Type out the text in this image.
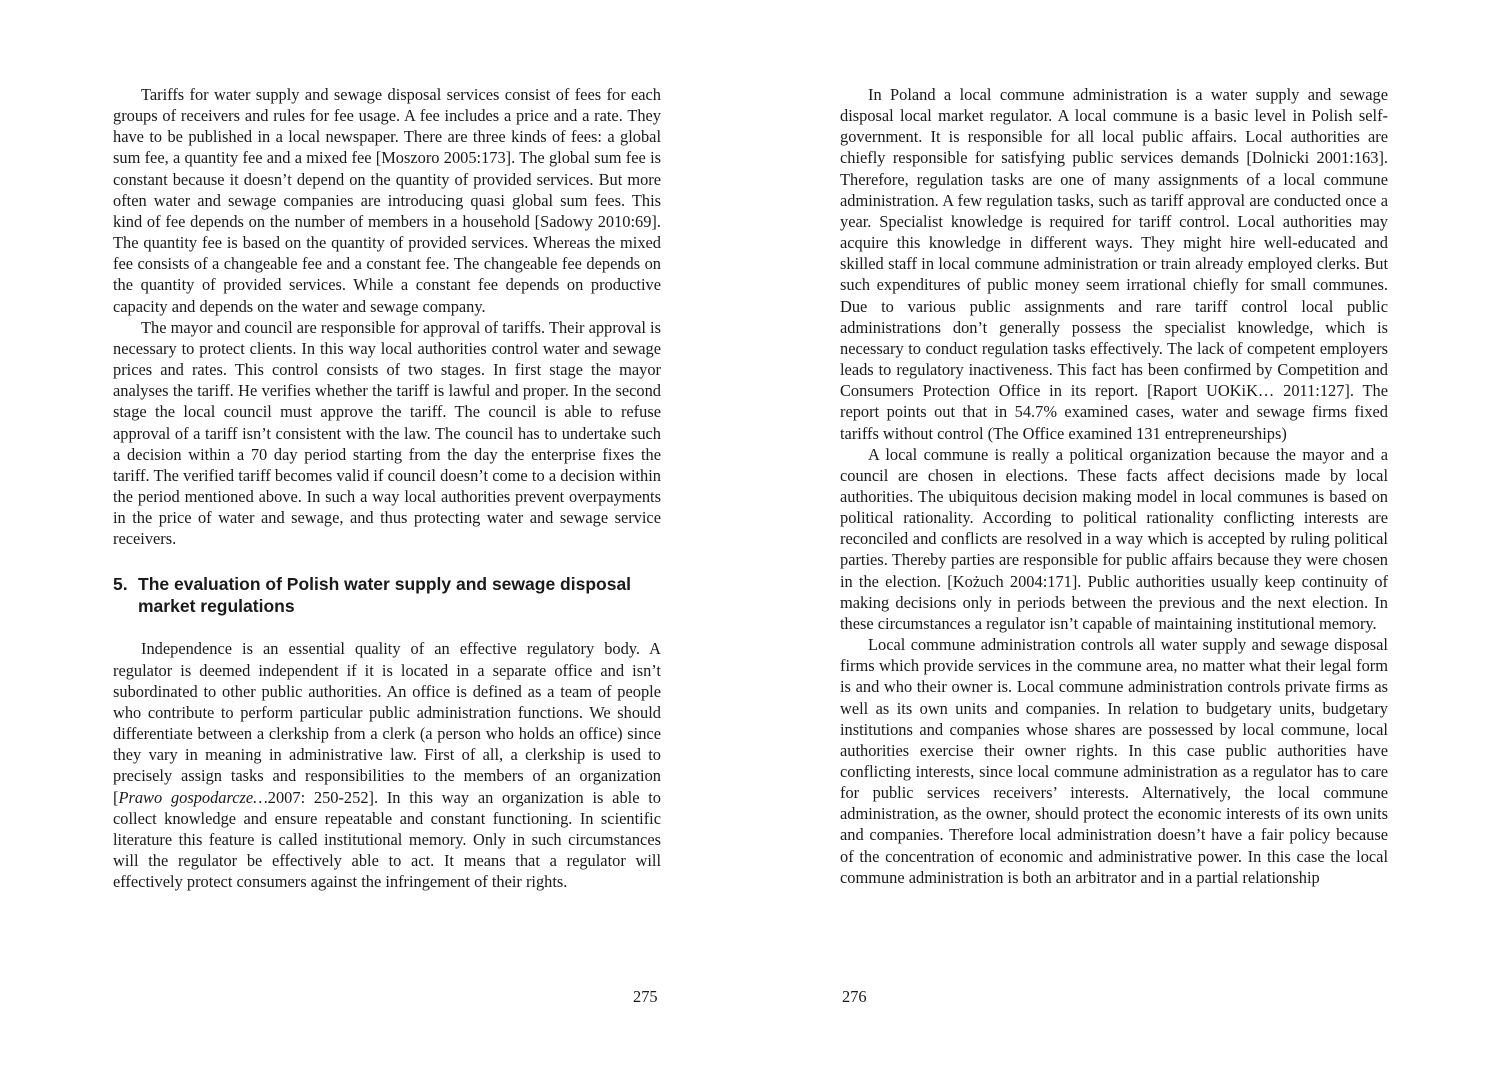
Tariffs for water supply and sewage disposal services consist of fees for each groups of receivers and rules for fee usage. A fee includes a price and a rate. They have to be published in a local newspaper. There are three kinds of fees: a global sum fee, a quantity fee and a mixed fee [Moszoro 2005:173]. The global sum fee is constant because it doesn’t depend on the quantity of provided services. But more often water and sewage companies are introducing quasi global sum fees. This kind of fee depends on the number of members in a household [Sadowy 2010:69]. The quantity fee is based on the quantity of provided services. Whereas the mixed fee consists of a changeable fee and a constant fee. The changeable fee depends on the quantity of provided services. While a constant fee depends on productive capacity and depends on the water and sewage company.

The mayor and council are responsible for approval of tariffs. Their approval is necessary to protect clients. In this way local authorities control water and sewage prices and rates. This control consists of two stages. In first stage the mayor analyses the tariff. He verifies whether the tariff is lawful and proper. In the second stage the local council must approve the tariff. The council is able to refuse approval of a tariff isn’t consistent with the law. The council has to undertake such a decision within a 70 day period starting from the day the enterprise fixes the tariff. The verified tariff becomes valid if council doesn’t come to a decision within the period mentioned above. In such a way local authorities prevent overpayments in the price of water and sewage, and thus protecting water and sewage service receivers.

5. The evaluation of Polish water supply and sewage disposal market regulations

Independence is an essential quality of an effective regulatory body. A regulator is deemed independent if it is located in a separate office and isn’t subordinated to other public authorities. An office is defined as a team of people who contribute to perform particular public administration functions. We should differentiate between a clerkship from a clerk (a person who holds an office) since they vary in meaning in administrative law. First of all, a clerkship is used to precisely assign tasks and responsibilities to the members of an organization [Prawo gospodarcze…2007: 250-252]. In this way an organization is able to collect knowledge and ensure repeatable and constant functioning. In scientific literature this feature is called institutional memory. Only in such circumstances will the regulator be effectively able to act. It means that a regulator will effectively protect consumers against the infringement of their rights.

In Poland a local commune administration is a water supply and sewage disposal local market regulator. A local commune is a basic level in Polish self-government. It is responsible for all local public affairs. Local authorities are chiefly responsible for satisfying public services demands [Dolnicki 2001:163]. Therefore, regulation tasks are one of many assignments of a local commune administration. A few regulation tasks, such as tariff approval are conducted once a year. Specialist knowledge is required for tariff control. Local authorities may acquire this knowledge in different ways. They might hire well-educated and skilled staff in local commune administration or train already employed clerks. But such expenditures of public money seem irrational chiefly for small communes. Due to various public assignments and rare tariff control local public administrations don’t generally possess the specialist knowledge, which is necessary to conduct regulation tasks effectively. The lack of competent employers leads to regulatory inactiveness. This fact has been confirmed by Competition and Consumers Protection Office in its report. [Raport UOKiK… 2011:127]. The report points out that in 54.7% examined cases, water and sewage firms fixed tariffs without control (The Office examined 131 entrepreneurships)

A local commune is really a political organization because the mayor and a council are chosen in elections. These facts affect decisions made by local authorities. The ubiquitous decision making model in local communes is based on political rationality. According to political rationality conflicting interests are reconciled and conflicts are resolved in a way which is accepted by ruling political parties. Thereby parties are responsible for public affairs because they were chosen in the election. [Kożuch 2004:171]. Public authorities usually keep continuity of making decisions only in periods between the previous and the next election. In these circumstances a regulator isn’t capable of maintaining institutional memory.

Local commune administration controls all water supply and sewage disposal firms which provide services in the commune area, no matter what their legal form is and who their owner is. Local commune administration controls private firms as well as its own units and companies. In relation to budgetary units, budgetary institutions and companies whose shares are possessed by local commune, local authorities exercise their owner rights. In this case public authorities have conflicting interests, since local commune administration as a regulator has to care for public services receivers’ interests. Alternatively, the local commune administration, as the owner, should protect the economic interests of its own units and companies. Therefore local administration doesn’t have a fair policy because of the concentration of economic and administrative power. In this case the local commune administration is both an arbitrator and in a partial relationship

275	276
